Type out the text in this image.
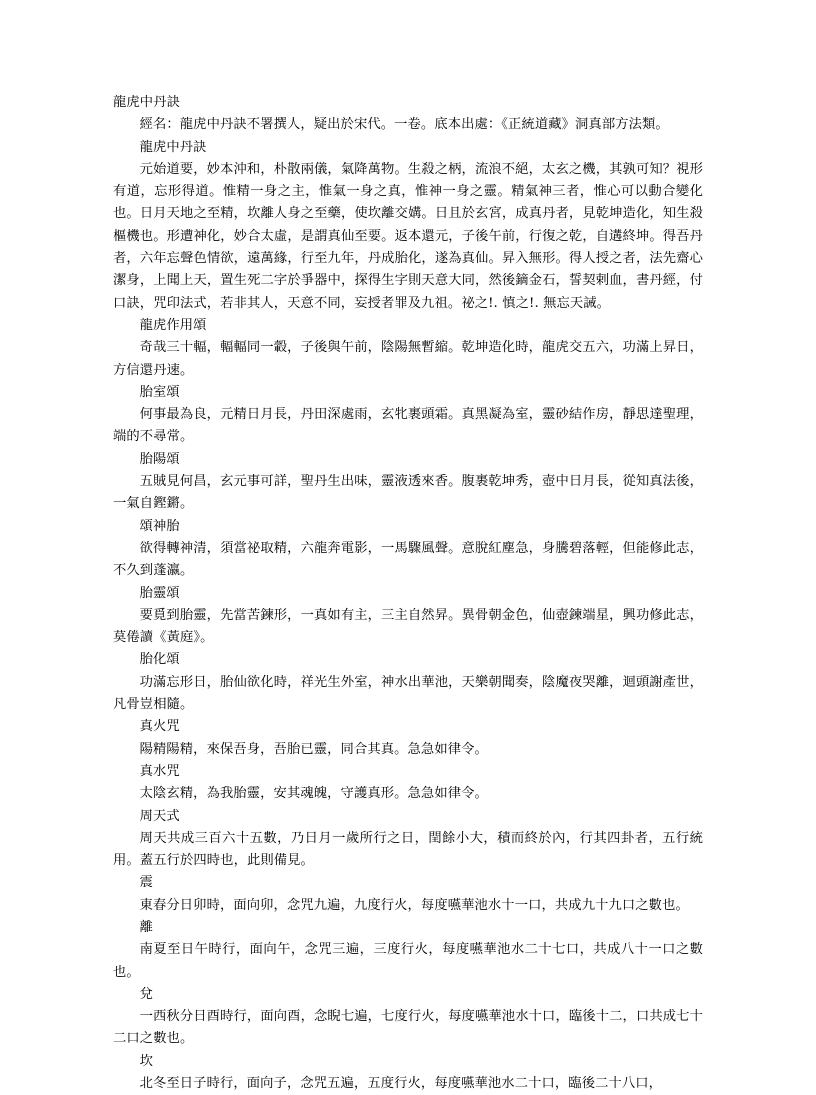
龍虎中丹訣

經名：龍虎中丹訣不署撰人，疑出於宋代。一卷。底本出處：《正統道藏》洞真部方法類。

龍虎中丹訣

元始道要，妙本沖和，朴散兩儀，氣降萬物。生殺之柄，流浪不絕，太玄之機，其孰可知？視形有道，忘形得道。惟精一身之主，惟氣一身之真，惟神一身之靈。精氣神三者，惟心可以動合變化也。日月天地之至精，坎離人身之至藥，使坎離交媾。日且於玄宮，成真丹者，見乾坤造化，知生殺樞機也。形遭神化，妙合太虛，是謂真仙至要。返本還元，子後午前，行復之乾，自遘終坤。得吾丹者，六年忘聲色情欲，遠萬緣，行至九年，丹成胎化，遂為真仙。昇入無形。得人授之者，法先齋心潔身，上聞上天，置生死二字於爭器中，探得生字則天意大同，然後鏑金石，誓契剌血，書丹經，付口訣，咒印法式，若非其人，天意不同，妄授者罪及九祖。祕之!. 慎之!. 無忘天誡。

龍虎作用頌

奇哉三十輻，輻輻同一轂，子後與午前，陰陽無暫縮。乾坤造化時，龍虎交五六，功滿上昇日，方信還丹速。

胎室頌

何事最為良，元精日月長，丹田深處雨，玄牝裹頭霜。真黑凝為室，靈砂結作房，靜思達聖理，端的不尋常。

胎陽頌

五賊見何昌，玄元事可詳，聖丹生出味，靈液透來香。腹裹乾坤秀，壺中日月長，從知真法後，一氣自鏗鏘。

頌神胎

欲得轉神清，須當祕取精，六龍奔電影，一馬驟風聲。意脫紅塵急，身騰碧落輕，但能修此志，不久到蓬瀛。

胎靈頌

要覓到胎靈，先當苦鍊形，一真如有主，三主自然昇。異骨朝金色，仙壺鍊端星，興功修此志，莫倦讀《黃庭》。

胎化頌

功滿忘形日，胎仙欲化時，祥光生外室，神水出華池，天樂朝聞奏，陰魔夜哭離，迴頭謝產世，凡骨豈相隨。

真火咒

陽精陽精，來保吾身，吾胎已靈，同合其真。急急如律令。

真水咒

太陰玄精，為我胎靈，安其魂魄，守護真形。急急如律令。

周天式

周天共成三百六十五數，乃日月一歲所行之日，閏餘小大，積而終於內，行其四卦者，五行統用。蓋五行於四時也，此則備見。

震

東春分日卯時，面向卯，念咒九遍，九度行火，每度嚥華池水十一口，共成九十九口之數也。

離

南夏至日午時行，面向午，念咒三遍，三度行火，每度嚥華池水二十七口，共成八十一口之數也。

兌

一西秋分日酉時行，面向酉，念睨七遍，七度行火，每度嚥華池水十口，臨後十二，口共成七十二口之數也。

坎

北冬至日子時行，面向子，念咒五遍，五度行火，每度嚥華池水二十口，臨後二十八口，
